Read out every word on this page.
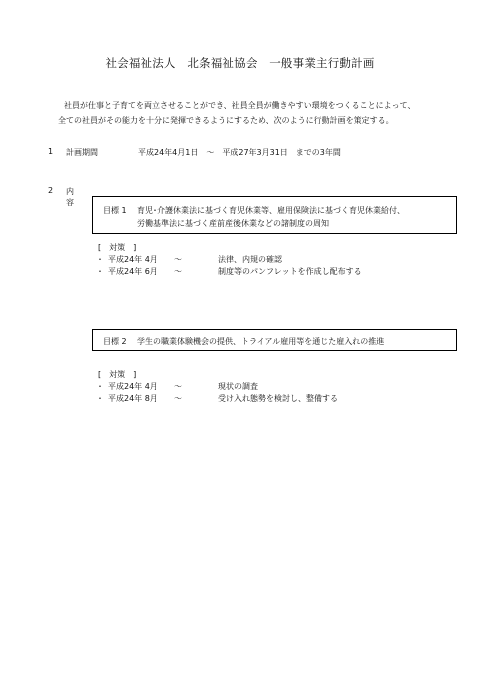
社会福祉法人　北条福祉協会　一般事業主行動計画
社員が仕事と子育てを両立させることができ、社員全員が働きやすい環境をつくることによって、
全ての社員がその能力を十分に発揮できるようにするため、次のように行動計画を策定する。
1 計画期間	平成24年4月1日　～　平成27年3月31日　までの3年間
2 内容
目標 1 育児･介護休業法に基づく育児休業等、雇用保険法に基づく育児休業給付、
労働基準法に基づく産前産後休業などの諸制度の周知
[　対策　]
・ 平成24年 4月 ～	法律、内規の確認
・ 平成24年 6月 ～	制度等のパンフレットを作成し配布する
目標 2 学生の職業体験機会の提供、トライアル雇用等を通じた雇入れの推進
[　対策　]
・ 平成24年 4月 ～	現状の調査
・ 平成24年 8月 ～	受け入れ態勢を検討し、整備する
